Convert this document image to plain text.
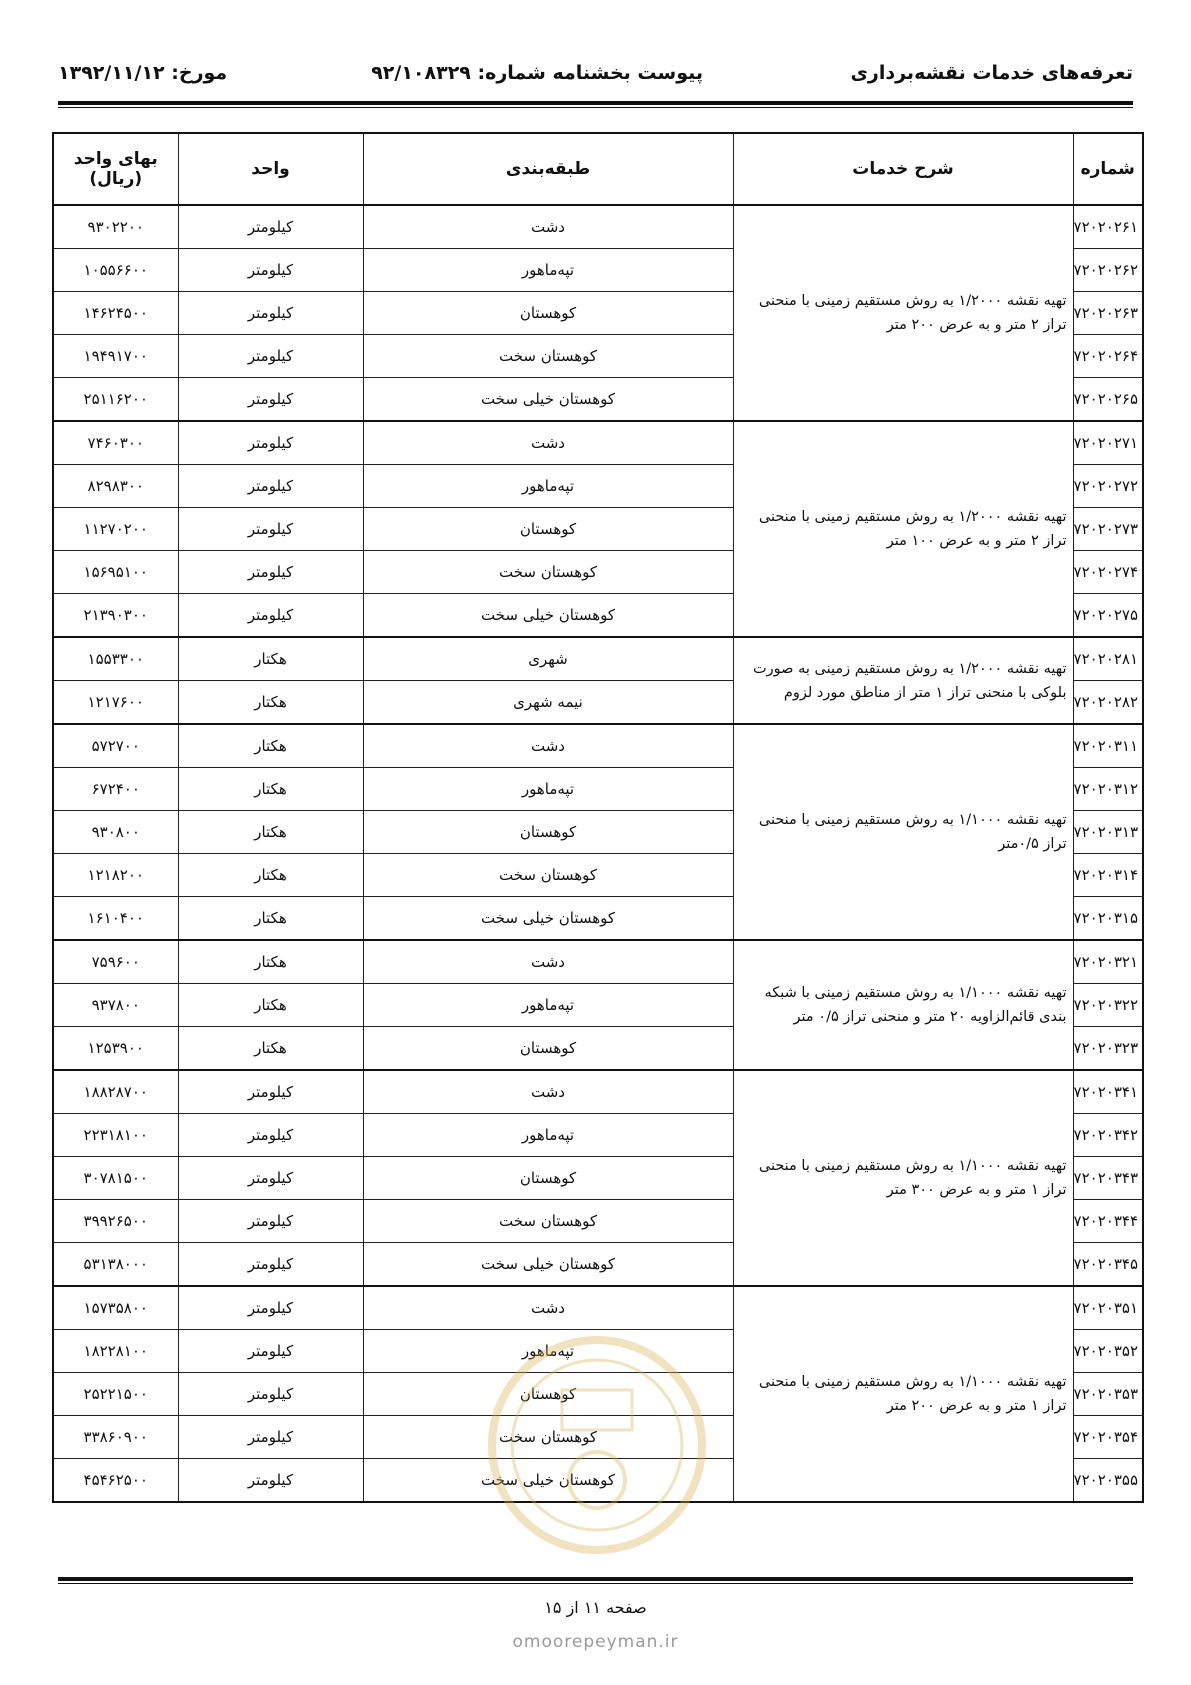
تعرفه‌های خدمات نقشه‌برداری
پیوست بخشنامه شماره: ۹۲/۱۰۸۳۲۹
مورخ: ۱۳۹۲/۱۱/۱۲
شماره	شرح خدمات	طبقه‌بندی	واحد	بهای واحد
(ریال)

۷۲۰۲۰۲۶۱	تهیه نقشه ۱/۲۰۰۰ به روش مستقیم زمینی با منحنی تراز ۲ متر و به عرض ۲۰۰ متر	دشت	کیلومتر	۹۳۰۲۲۰۰
۷۲۰۲۰۲۶۲		تپه‌ماهور	کیلومتر	۱۰۵۵۶۶۰۰
۷۲۰۲۰۲۶۳		کوهستان	کیلومتر	۱۴۶۲۴۵۰۰
۷۲۰۲۰۲۶۴		کوهستان سخت	کیلومتر	۱۹۴۹۱۷۰۰
۷۲۰۲۰۲۶۵		کوهستان خیلی سخت	کیلومتر	۲۵۱۱۶۲۰۰
۷۲۰۲۰۲۷۱	تهیه نقشه ۱/۲۰۰۰ به روش مستقیم زمینی با منحنی تراز ۲ متر و به عرض ۱۰۰ متر	دشت	کیلومتر	۷۴۶۰۳۰۰
۷۲۰۲۰۲۷۲		تپه‌ماهور	کیلومتر	۸۲۹۸۳۰۰
۷۲۰۲۰۲۷۳		کوهستان	کیلومتر	۱۱۲۷۰۲۰۰
۷۲۰۲۰۲۷۴		کوهستان سخت	کیلومتر	۱۵۶۹۵۱۰۰
۷۲۰۲۰۲۷۵		کوهستان خیلی سخت	کیلومتر	۲۱۳۹۰۳۰۰
۷۲۰۲۰۲۸۱	تهیه نقشه ۱/۲۰۰۰ به روش مستقیم زمینی به صورت بلوکی با منحنی تراز ۱ متر از مناطق مورد لزوم	شهری	هکتار	۱۵۵۳۳۰۰
۷۲۰۲۰۲۸۲		نیمه شهری	هکتار	۱۲۱۷۶۰۰
۷۲۰۲۰۳۱۱	تهیه نقشه ۱/۱۰۰۰ به روش مستقیم زمینی با منحنی تراز ۰/۵متر	دشت	هکتار	۵۷۲۷۰۰
۷۲۰۲۰۳۱۲		تپه‌ماهور	هکتار	۶۷۲۴۰۰
۷۲۰۲۰۳۱۳		کوهستان	هکتار	۹۳۰۸۰۰
۷۲۰۲۰۳۱۴		کوهستان سخت	هکتار	۱۲۱۸۲۰۰
۷۲۰۲۰۳۱۵		کوهستان خیلی سخت	هکتار	۱۶۱۰۴۰۰
۷۲۰۲۰۳۲۱	تهیه نقشه ۱/۱۰۰۰ به روش مستقیم زمینی با شبکه بندی قائم‌الزاویه ۲۰ متر و منحنی تراز ۰/۵ متر	دشت	هکتار	۷۵۹۶۰۰
۷۲۰۲۰۳۲۲		تپه‌ماهور	هکتار	۹۳۷۸۰۰
۷۲۰۲۰۳۲۳		کوهستان	هکتار	۱۲۵۳۹۰۰
۷۲۰۲۰۳۴۱	تهیه نقشه ۱/۱۰۰۰ به روش مستقیم زمینی با منحنی تراز ۱ متر و به عرض ۳۰۰ متر	دشت	کیلومتر	۱۸۸۲۸۷۰۰
۷۲۰۲۰۳۴۲		تپه‌ماهور	کیلومتر	۲۲۳۱۸۱۰۰
۷۲۰۲۰۳۴۳		کوهستان	کیلومتر	۳۰۷۸۱۵۰۰
۷۲۰۲۰۳۴۴		کوهستان سخت	کیلومتر	۳۹۹۲۶۵۰۰
۷۲۰۲۰۳۴۵		کوهستان خیلی سخت	کیلومتر	۵۳۱۳۸۰۰۰
۷۲۰۲۰۳۵۱	تهیه نقشه ۱/۱۰۰۰ به روش مستقیم زمینی با منحنی تراز ۱ متر و به عرض ۲۰۰ متر	دشت	کیلومتر	۱۵۷۳۵۸۰۰
۷۲۰۲۰۳۵۲		تپه‌ماهور	کیلومتر	۱۸۲۲۸۱۰۰
۷۲۰۲۰۳۵۳		کوهستان	کیلومتر	۲۵۲۲۱۵۰۰
۷۲۰۲۰۳۵۴		کوهستان سخت	کیلومتر	۳۳۸۶۰۹۰۰
۷۲۰۲۰۳۵۵		کوهستان خیلی سخت	کیلومتر	۴۵۴۶۲۵۰۰
صفحه ۱۱ از ۱۵
omoorepeyman.ir
